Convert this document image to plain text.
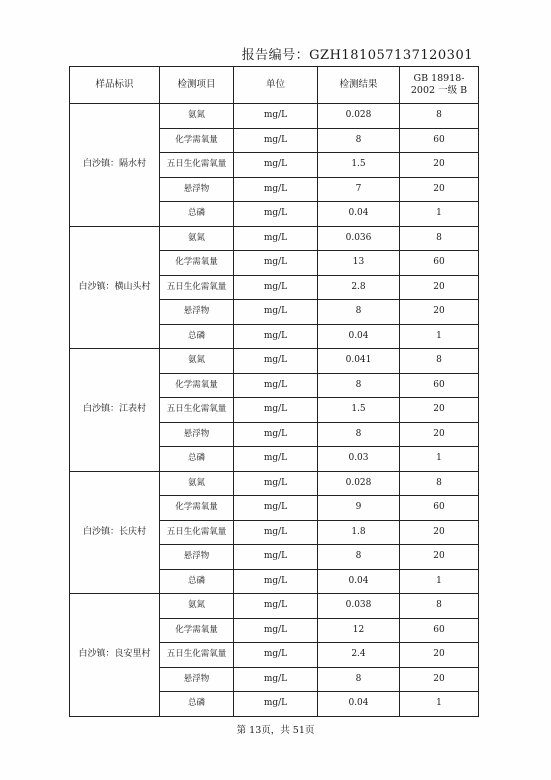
报告编号：GZH181057137120301
样品标识	检测项目	单位	检测结果	GB 18918-2002 一级 B
白沙镇：隔水村	氨氮	mg/L	0.028	8
	化学需氧量	mg/L	8	60
	五日生化需氧量	mg/L	1.5	20
	悬浮物	mg/L	7	20
	总磷	mg/L	0.04	1
白沙镇：横山头村	氨氮	mg/L	0.036	8
	化学需氧量	mg/L	13	60
	五日生化需氧量	mg/L	2.8	20
	悬浮物	mg/L	8	20
	总磷	mg/L	0.04	1
白沙镇：江表村	氨氮	mg/L	0.041	8
	化学需氧量	mg/L	8	60
	五日生化需氧量	mg/L	1.5	20
	悬浮物	mg/L	8	20
	总磷	mg/L	0.03	1
白沙镇：长庆村	氨氮	mg/L	0.028	8
	化学需氧量	mg/L	9	60
	五日生化需氧量	mg/L	1.8	20
	悬浮物	mg/L	8	20
	总磷	mg/L	0.04	1
白沙镇：良安里村	氨氮	mg/L	0.038	8
	化学需氧量	mg/L	12	60
	五日生化需氧量	mg/L	2.4	20
	悬浮物	mg/L	8	20
	总磷	mg/L	0.04	1
第 13页，共 51页
